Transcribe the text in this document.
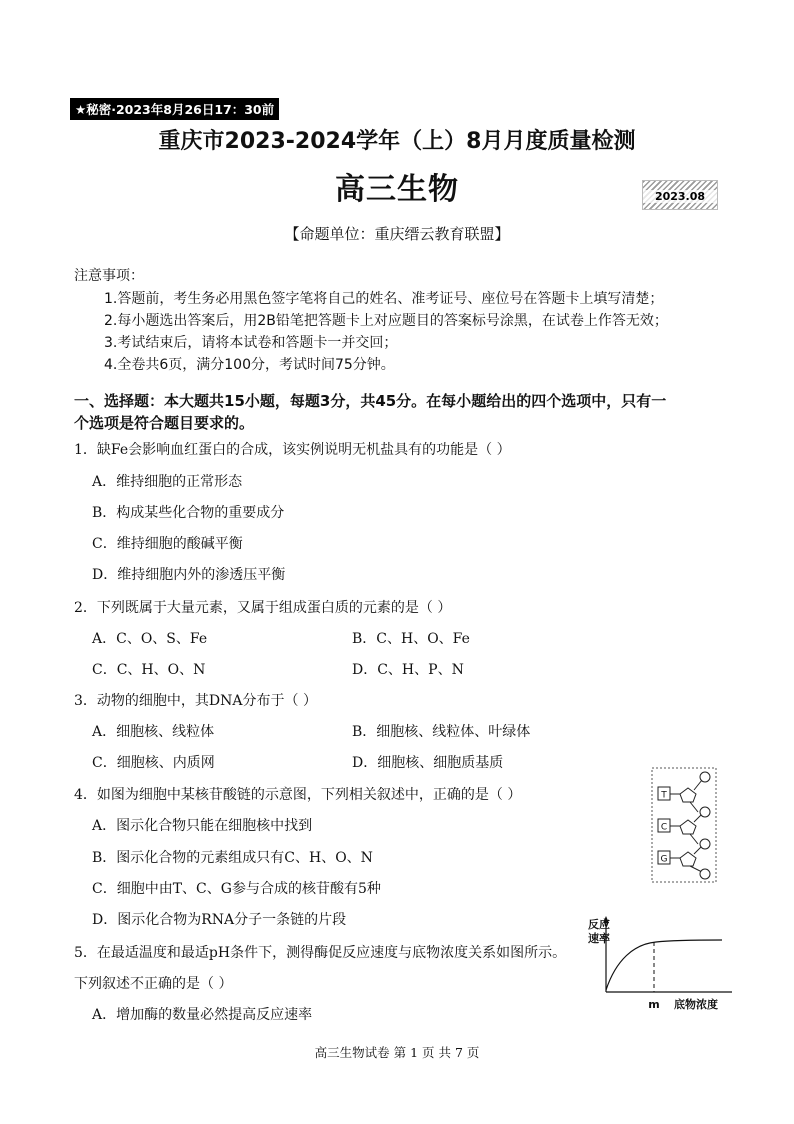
★秘密·2023年8月26日17：30前
重庆市2023-2024学年（上）8月月度质量检测
高三生物	2023.08
【命题单位：重庆缙云教育联盟】
注意事项：
1.答题前，考生务必用黑色签字笔将自己的姓名、准考证号、座位号在答题卡上填写清楚；
2.每小题选出答案后，用2B铅笔把答题卡上对应题目的答案标号涂黑，在试卷上作答无效；
3.考试结束后，请将本试卷和答题卡一并交回；
4.全卷共6页，满分100分，考试时间75分钟。
一、选择题：本大题共15小题，每题3分，共45分。在每小题给出的四个选项中，只有一
个选项是符合题目要求的。
1．缺Fe会影响血红蛋白的合成，该实例说明无机盐具有的功能是（ ）
A．维持细胞的正常形态
B．构成某些化合物的重要成分
C．维持细胞的酸碱平衡
D．维持细胞内外的渗透压平衡
2．下列既属于大量元素，又属于组成蛋白质的元素的是（ ）
A．C、O、S、Fe	B．C、H、O、Fe
C．C、H、O、N	D．C、H、P、N
3．动物的细胞中，其DNA分布于（ ）
A．细胞核、线粒体	B．细胞核、线粒体、叶绿体
C．细胞核、内质网	D．细胞核、细胞质基质
4．如图为细胞中某核苷酸链的示意图，下列相关叙述中，正确的是（ ）
A．图示化合物只能在细胞核中找到
B．图示化合物的元素组成只有C、H、O、N
C．细胞中由T、C、G参与合成的核苷酸有5种
D．图示化合物为RNA分子一条链的片段
T
C
G
5．在最适温度和最适pH条件下，测得酶促反应速度与底物浓度关系如图所示。
下列叙述不正确的是（ ）
A．增加酶的数量必然提高反应速率
反应
速率
m 底物浓度
高三生物试卷 第 1 页 共 7 页
